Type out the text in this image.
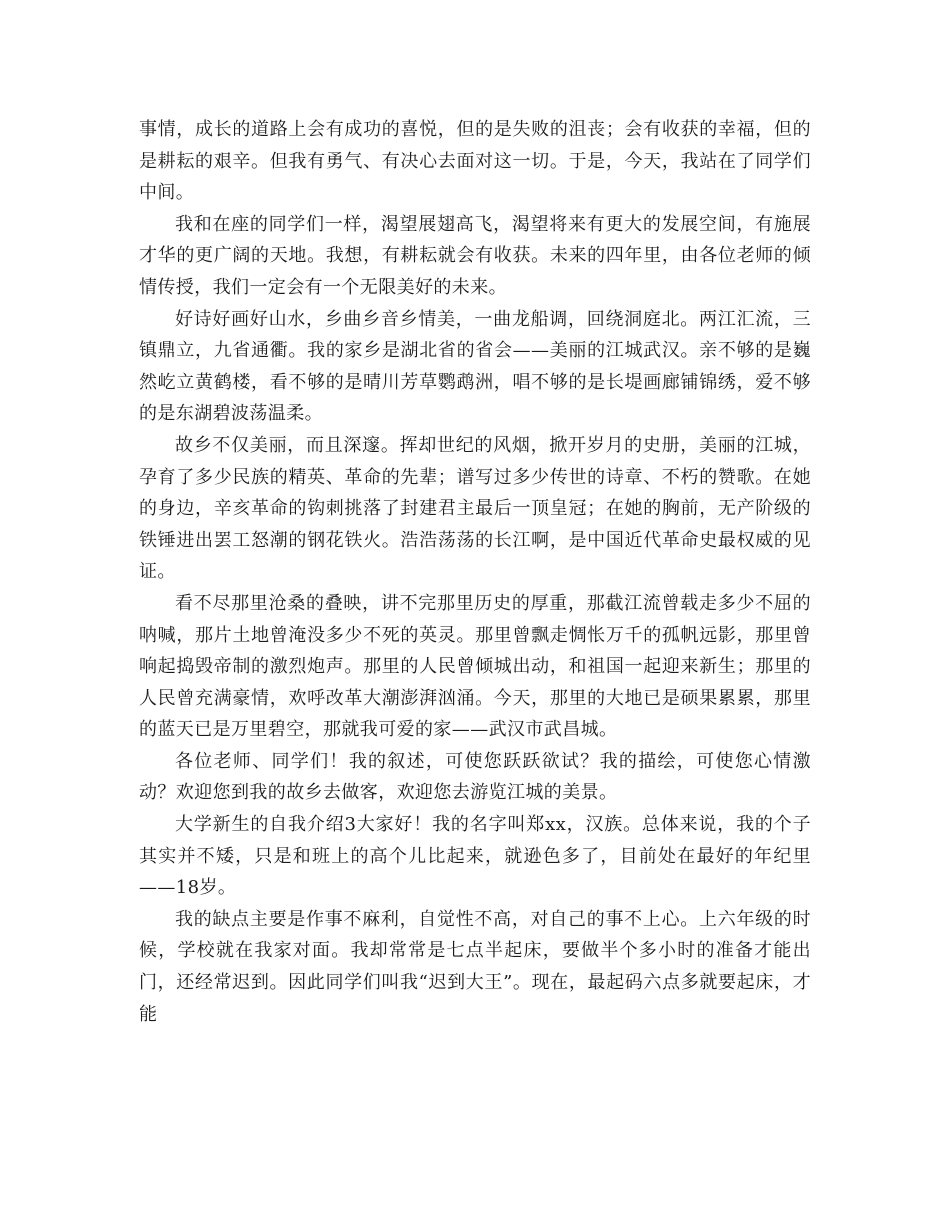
事情，成长的道路上会有成功的喜悦，但的是失败的沮丧；会有收获的幸福，但的是耕耘的艰辛。但我有勇气、有决心去面对这一切。于是，今天，我站在了同学们中间。

我和在座的同学们一样，渴望展翅高飞，渴望将来有更大的发展空间，有施展才华的更广阔的天地。我想，有耕耘就会有收获。未来的四年里，由各位老师的倾情传授，我们一定会有一个无限美好的未来。

好诗好画好山水，乡曲乡音乡情美，一曲龙船调，回绕洞庭北。两江汇流，三镇鼎立，九省通衢。我的家乡是湖北省的省会——美丽的江城武汉。亲不够的是巍然屹立黄鹤楼，看不够的是晴川芳草鹦鹉洲，唱不够的是长堤画廊铺锦绣，爱不够的是东湖碧波荡温柔。

故乡不仅美丽，而且深邃。挥却世纪的风烟，掀开岁月的史册，美丽的江城，孕育了多少民族的精英、革命的先辈；谱写过多少传世的诗章、不朽的赞歌。在她的身边，辛亥革命的钩刺挑落了封建君主最后一顶皇冠；在她的胸前，无产阶级的铁锤进出罢工怒潮的钢花铁火。浩浩荡荡的长江啊，是中国近代革命史最权威的见证。

看不尽那里沧桑的叠映，讲不完那里历史的厚重，那截江流曾载走多少不屈的呐喊，那片土地曾淹没多少不死的英灵。那里曾飘走惆怅万千的孤帆远影，那里曾响起捣毁帝制的激烈炮声。那里的人民曾倾城出动，和祖国一起迎来新生；那里的人民曾充满豪情，欢呼改革大潮澎湃汹涌。今天，那里的大地已是硕果累累，那里的蓝天已是万里碧空，那就我可爱的家——武汉市武昌城。

各位老师、同学们！我的叙述，可使您跃跃欲试？我的描绘，可使您心情激动？欢迎您到我的故乡去做客，欢迎您去游览江城的美景。

大学新生的自我介绍3大家好！我的名字叫郑xx，汉族。总体来说，我的个子其实并不矮，只是和班上的高个儿比起来，就逊色多了，目前处在最好的年纪里——18岁。

我的缺点主要是作事不麻利，自觉性不高，对自己的事不上心。上六年级的时候，学校就在我家对面。我却常常是七点半起床，要做半个多小时的准备才能出门，还经常迟到。因此同学们叫我“迟到大王”。现在，最起码六点多就要起床，才能
